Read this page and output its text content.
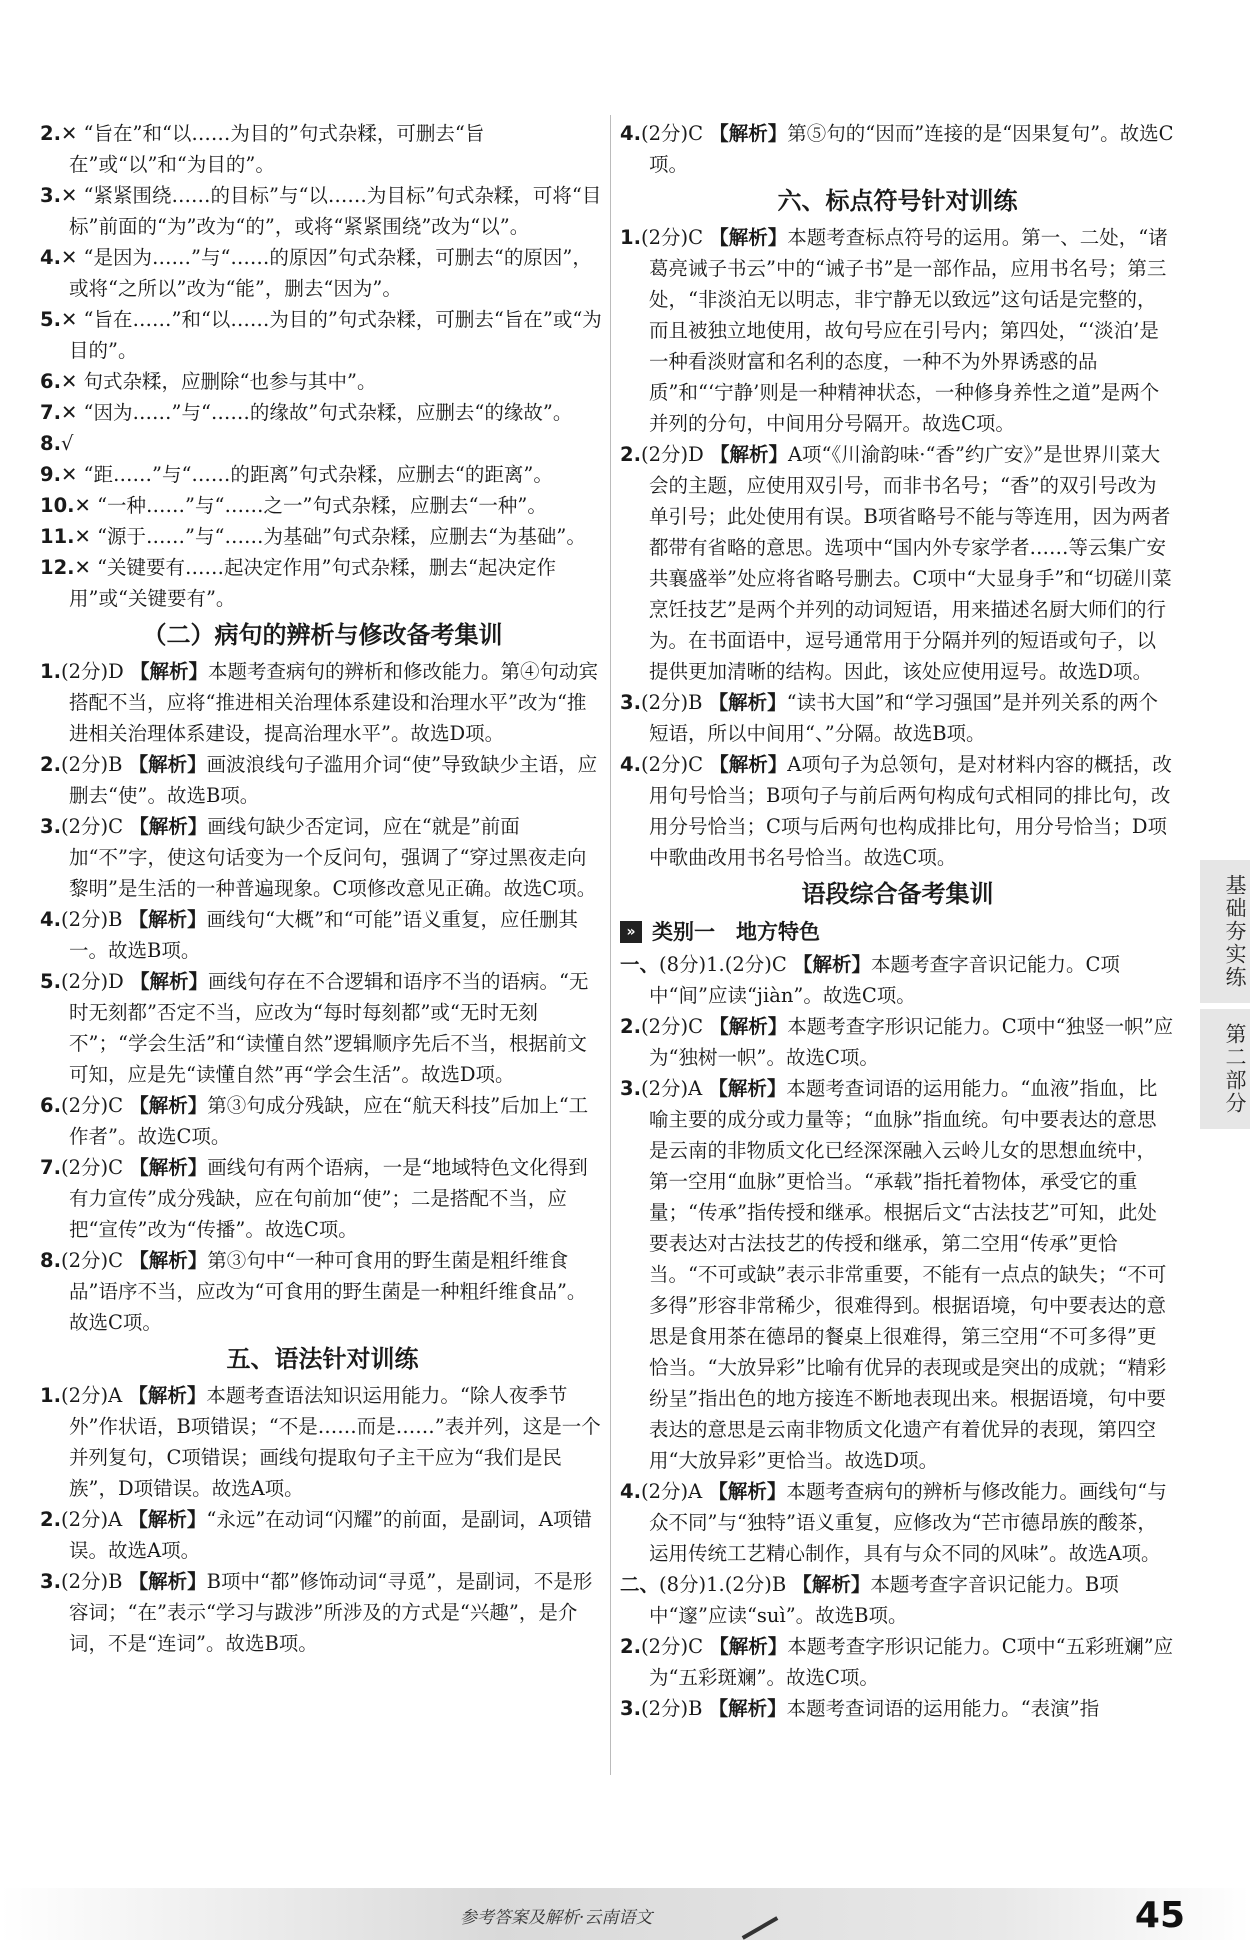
2.✕ “旨在”和“以……为目的”句式杂糅，可删去“旨在”或“以”和“为目的”。

3.✕ “紧紧围绕……的目标”与“以……为目标”句式杂糅，可将“目标”前面的“为”改为“的”，或将“紧紧围绕”改为“以”。

4.✕ “是因为……”与“……的原因”句式杂糅，可删去“的原因”，或将“之所以”改为“能”，删去“因为”。

5.✕ “旨在……”和“以……为目的”句式杂糅，可删去“旨在”或“为目的”。

6.✕ 句式杂糅，应删除“也参与其中”。

7.✕ “因为……”与“……的缘故”句式杂糅，应删去“的缘故”。

8.√

9.✕ “距……”与“……的距离”句式杂糅，应删去“的距离”。

10.✕ “一种……”与“……之一”句式杂糅，应删去“一种”。

11.✕ “源于……”与“……为基础”句式杂糅，应删去“为基础”。

12.✕ “关键要有……起决定作用”句式杂糅，删去“起决定作用”或“关键要有”。

（二）病句的辨析与修改备考集训

1.(2分)D 【解析】本题考查病句的辨析和修改能力。第④句动宾搭配不当，应将“推进相关治理体系建设和治理水平”改为“推进相关治理体系建设，提高治理水平”。故选D项。

2.(2分)B 【解析】画波浪线句子滥用介词“使”导致缺少主语，应删去“使”。故选B项。

3.(2分)C 【解析】画线句缺少否定词，应在“就是”前面加“不”字，使这句话变为一个反问句，强调了“穿过黑夜走向黎明”是生活的一种普遍现象。C项修改意见正确。故选C项。

4.(2分)B 【解析】画线句“大概”和“可能”语义重复，应任删其一。故选B项。

5.(2分)D 【解析】画线句存在不合逻辑和语序不当的语病。“无时无刻都”否定不当，应改为“每时每刻都”或“无时无刻不”；“学会生活”和“读懂自然”逻辑顺序先后不当，根据前文可知，应是先“读懂自然”再“学会生活”。故选D项。

6.(2分)C 【解析】第③句成分残缺，应在“航天科技”后加上“工作者”。故选C项。

7.(2分)C 【解析】画线句有两个语病，一是“地域特色文化得到有力宣传”成分残缺，应在句前加“使”；二是搭配不当，应把“宣传”改为“传播”。故选C项。

8.(2分)C 【解析】第③句中“一种可食用的野生菌是粗纤维食品”语序不当，应改为“可食用的野生菌是一种粗纤维食品”。故选C项。

五、语法针对训练

1.(2分)A 【解析】本题考查语法知识运用能力。“除人夜季节外”作状语，B项错误；“不是……而是……”表并列，这是一个并列复句，C项错误；画线句提取句子主干应为“我们是民族”，D项错误。故选A项。

2.(2分)A 【解析】“永远”在动词“闪耀”的前面，是副词，A项错误。故选A项。

3.(2分)B 【解析】B项中“都”修饰动词“寻觅”，是副词，不是形容词；“在”表示“学习与跋涉”所涉及的方式是“兴趣”，是介词，不是“连词”。故选B项。

4.(2分)C 【解析】第⑤句的“因而”连接的是“因果复句”。故选C项。

六、标点符号针对训练

1.(2分)C 【解析】本题考查标点符号的运用。第一、二处，“诸葛亮诫子书云”中的“诫子书”是一部作品，应用书名号；第三处，“非淡泊无以明志，非宁静无以致远”这句话是完整的，而且被独立地使用，故句号应在引号内；第四处，“‘淡泊’是一种看淡财富和名利的态度，一种不为外界诱惑的品质”和“‘宁静’则是一种精神状态，一种修身养性之道”是两个并列的分句，中间用分号隔开。故选C项。

2.(2分)D 【解析】A项“《川渝韵味·“香”约广安》”是世界川菜大会的主题，应使用双引号，而非书名号；“香”的双引号改为单引号；此处使用有误。B项省略号不能与等连用，因为两者都带有省略的意思。选项中“国内外专家学者……等云集广安共襄盛举”处应将省略号删去。C项中“大显身手”和“切磋川菜烹饪技艺”是两个并列的动词短语，用来描述名厨大师们的行为。在书面语中，逗号通常用于分隔并列的短语或句子，以提供更加清晰的结构。因此，该处应使用逗号。故选D项。

3.(2分)B 【解析】“读书大国”和“学习强国”是并列关系的两个短语，所以中间用“、”分隔。故选B项。

4.(2分)C 【解析】A项句子为总领句，是对材料内容的概括，改用句号恰当；B项句子与前后两句构成句式相同的排比句，改用分号恰当；C项与后两句也构成排比句，用分号恰当；D项中歌曲改用书名号恰当。故选C项。

语段综合备考集训
» 类别一　地方特色

一、(8分)1.(2分)C 【解析】本题考查字音识记能力。C项中“间”应读“jiàn”。故选C项。

2.(2分)C 【解析】本题考查字形识记能力。C项中“独竖一帜”应为“独树一帜”。故选C项。

3.(2分)A 【解析】本题考查词语的运用能力。“血液”指血，比喻主要的成分或力量等；“血脉”指血统。句中要表达的意思是云南的非物质文化已经深深融入云岭儿女的思想血统中，第一空用“血脉”更恰当。“承载”指托着物体，承受它的重量；“传承”指传授和继承。根据后文“古法技艺”可知，此处要表达对古法技艺的传授和继承，第二空用“传承”更恰当。“不可或缺”表示非常重要，不能有一点点的缺失；“不可多得”形容非常稀少，很难得到。根据语境，句中要表达的意思是食用茶在德昂的餐桌上很难得，第三空用“不可多得”更恰当。“大放异彩”比喻有优异的表现或是突出的成就；“精彩纷呈”指出色的地方接连不断地表现出来。根据语境，句中要表达的意思是云南非物质文化遗产有着优异的表现，第四空用“大放异彩”更恰当。故选D项。

4.(2分)A 【解析】本题考查病句的辨析与修改能力。画线句“与众不同”与“独特”语义重复，应修改为“芒市德昂族的酸茶，运用传统工艺精心制作，具有与众不同的风味”。故选A项。

二、(8分)1.(2分)B 【解析】本题考查字音识记能力。B项中“邃”应读“suì”。故选B项。

2.(2分)C 【解析】本题考查字形识记能力。C项中“五彩班斓”应为“五彩斑斓”。故选C项。

3.(2分)B 【解析】本题考查词语的运用能力。“表演”指

基础夯实练
第二部分
参考答案及解析·云南语文	45
